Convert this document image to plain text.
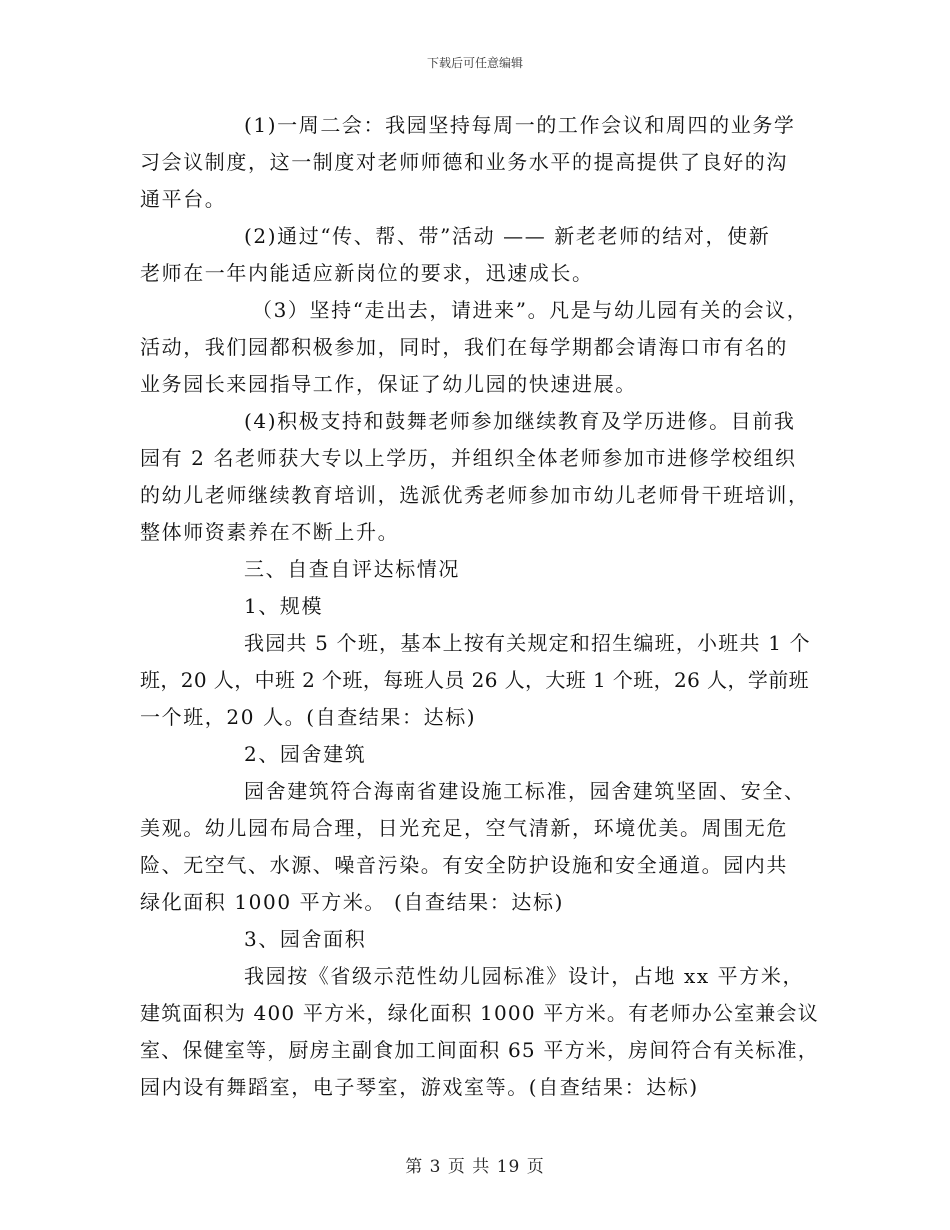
下载后可任意编辑
(1)一周二会：我园坚持每周一的工作会议和周四的业务学
习会议制度，这一制度对老师师德和业务水平的提高提供了良好的沟
通平台。
(2)通过“传、帮、带”活动 —— 新老老师的结对，使新
老师在一年内能适应新岗位的要求，迅速成长。
（3）坚持“走出去，请进来”。凡是与幼儿园有关的会议，
活动，我们园都积极参加，同时，我们在每学期都会请海口市有名的
业务园长来园指导工作，保证了幼儿园的快速进展。
(4)积极支持和鼓舞老师参加继续教育及学历进修。目前我
园有 2 名老师获大专以上学历，并组织全体老师参加市进修学校组织
的幼儿老师继续教育培训，选派优秀老师参加市幼儿老师骨干班培训，
整体师资素养在不断上升。
三、自查自评达标情况
1、规模
我园共 5 个班，基本上按有关规定和招生编班，小班共 1 个
班，20 人，中班 2 个班，每班人员 26 人，大班 1 个班，26 人，学前班
一个班，20 人。(自查结果：达标)
2、园舍建筑
园舍建筑符合海南省建设施工标准，园舍建筑坚固、安全、
美观。幼儿园布局合理，日光充足，空气清新，环境优美。周围无危
险、无空气、水源、噪音污染。有安全防护设施和安全通道。园内共
绿化面积 1000 平方米。 (自查结果：达标)
3、园舍面积
我园按《省级示范性幼儿园标准》设计，占地 xx 平方米，
建筑面积为 400 平方米，绿化面积 1000 平方米。有老师办公室兼会议
室、保健室等，厨房主副食加工间面积 65 平方米，房间符合有关标准，
园内设有舞蹈室，电子琴室，游戏室等。(自查结果：达标)
第 3 页 共 19 页
